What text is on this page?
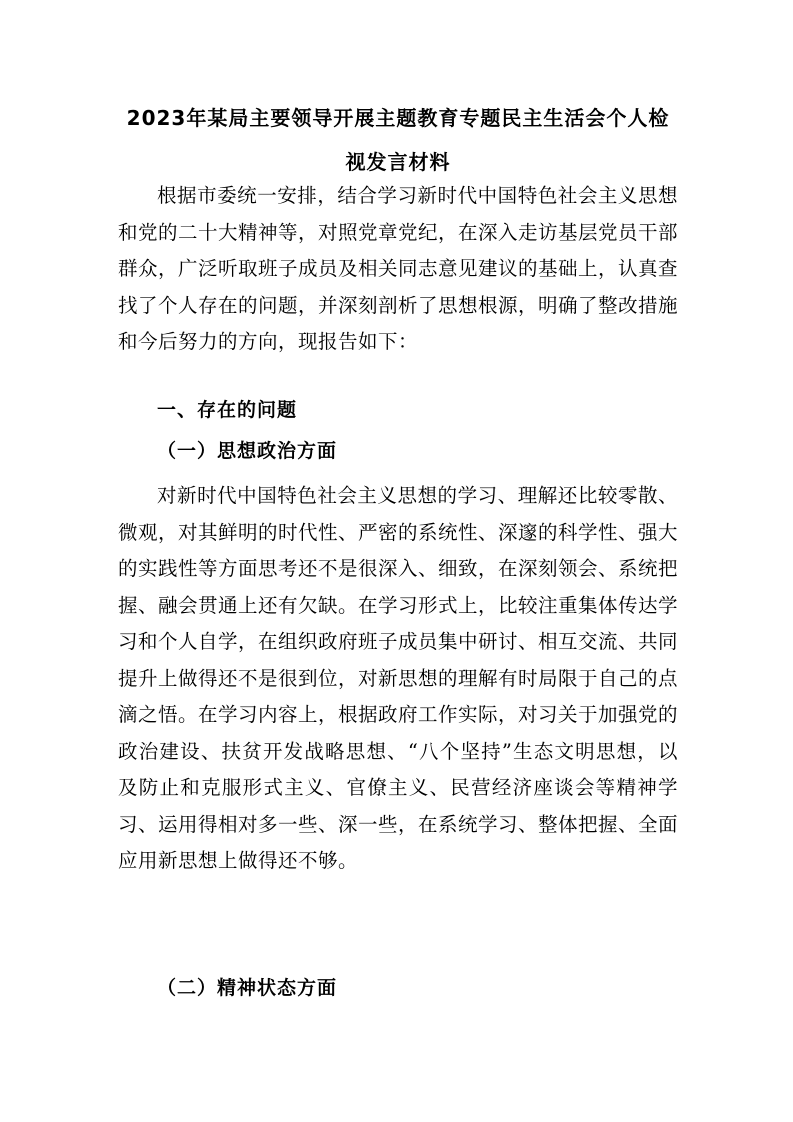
2023年某局主要领导开展主题教育专题民主生活会个人检
视发言材料

根据市委统一安排，结合学习新时代中国特色社会主义思想和党的二十大精神等，对照党章党纪，在深入走访基层党员干部群众，广泛听取班子成员及相关同志意见建议的基础上，认真查找了个人存在的问题，并深刻剖析了思想根源，明确了整改措施和今后努力的方向，现报告如下：

一、存在的问题
（一）思想政治方面

对新时代中国特色社会主义思想的学习、理解还比较零散、微观，对其鲜明的时代性、严密的系统性、深邃的科学性、强大的实践性等方面思考还不是很深入、细致，在深刻领会、系统把握、融会贯通上还有欠缺。在学习形式上，比较注重集体传达学习和个人自学，在组织政府班子成员集中研讨、相互交流、共同提升上做得还不是很到位，对新思想的理解有时局限于自己的点滴之悟。在学习内容上，根据政府工作实际，对习关于加强党的政治建设、扶贫开发战略思想、“八个坚持”生态文明思想，以及防止和克服形式主义、官僚主义、民营经济座谈会等精神学习、运用得相对多一些、深一些，在系统学习、整体把握、全面应用新思想上做得还不够。

（二）精神状态方面
